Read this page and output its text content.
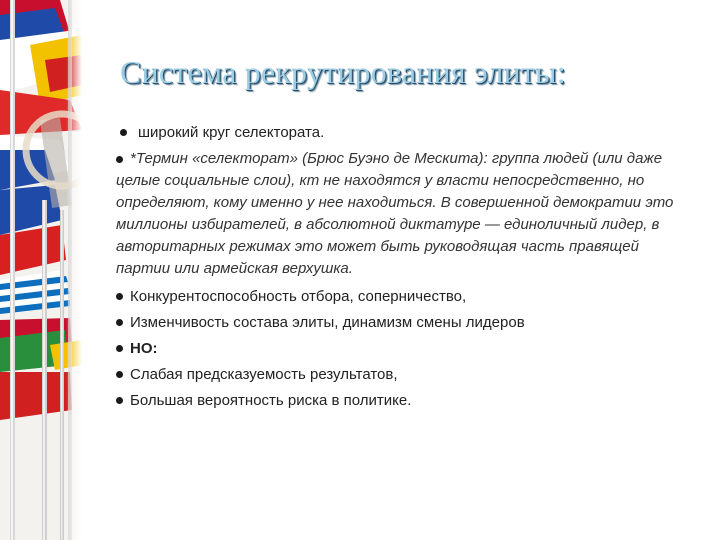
Система рекрутирования элиты:
широкий круг селектората.
*Термин «селекторат» (Брюс Буэно де Мескита): группа людей (или даже целые социальные слои), кт не находятся у власти непосредственно, но определяют, кому именно у нее находиться. В совершенной демократии это миллионы избирателей, в абсолютной диктатуре — единоличный лидер, в авторитарных режимах это может быть руководящая часть правящей партии или армейская верхушка.
Конкурентоспособность отбора, соперничество,
Изменчивость состава элиты, динамизм смены лидеров
НО:
Слабая предсказуемость результатов,
Большая вероятность риска в политике.
